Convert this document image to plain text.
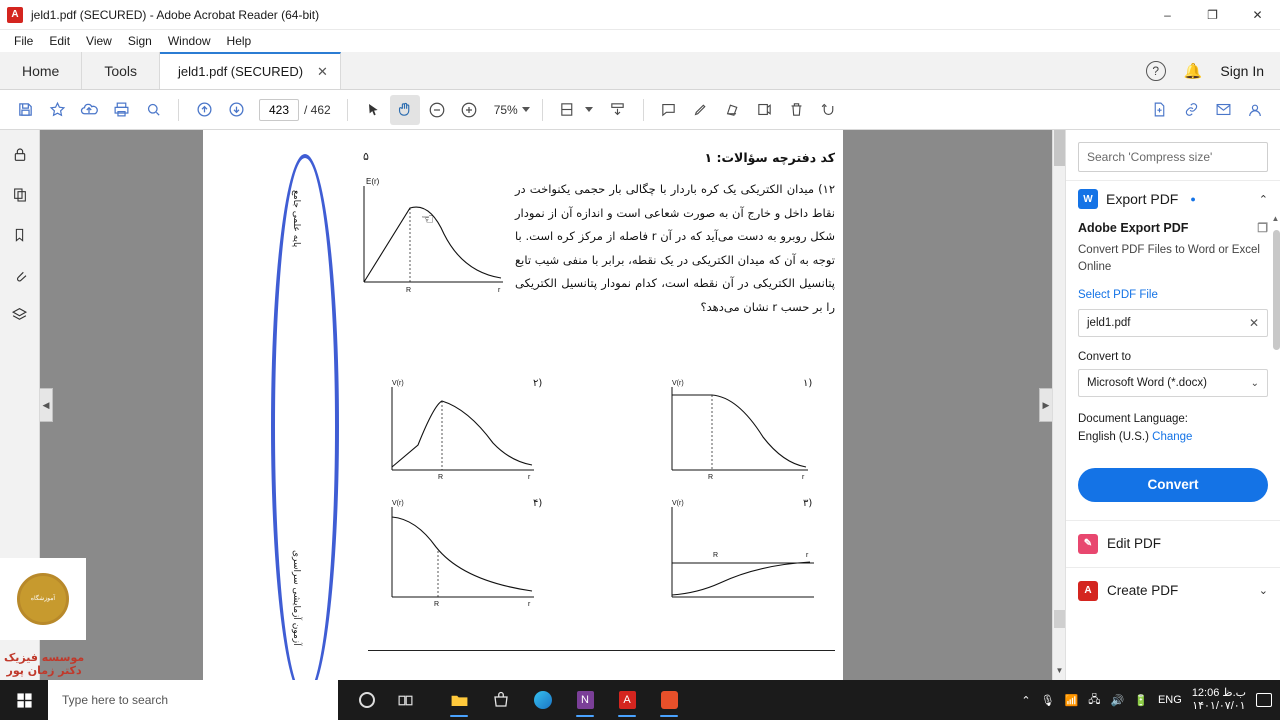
A	jeld1.pdf (SECURED) - Adobe Acrobat Reader (64-bit)	–	❐	✕
File	Edit	View	Sign	Window	Help
Home	Tools	jeld1.pdf (SECURED) ✕	?	🔔 Sign In
423
/ 462	75%
◀	▶
کد دفترچه سؤالات: ۱
۵
۱۲) میدان الکتریکی یک کره باردار با چگالی بار حجمی یکنواخت در نقاط داخل و خارج آن به صورت شعاعی است و اندازه آن از نمودار شکل روبرو به دست می‌آید که در آن r فاصله از مرکز کره است. با توجه به آن که میدان الکتریکی در یک نقطه، برابر با منفی شیب تابع پتانسیل الکتریکی در آن نقطه است، کدام نمودار پتانسیل الکتریکی را بر حسب r نشان می‌دهد؟
E(r)
R	r
☜
V(r)
R	r
(۱
V(r)
R	r
(۲
V(r)
R	r
(۳
V(r)
R	r
(۴
پایه علمی جامع
آزمون آزمایشی سراسری
▼
Search 'Compress size'
W Export PDF ●	⌃
Adobe Export PDF	❐
Convert PDF Files to Word or Excel Online
Select PDF File
jeld1.pdf	✕
Convert to
Microsoft Word (*.docx)	⌄
Document Language:
English (U.S.) Change
Convert
✎	Edit PDF
A	Create PDF	⌄
▲
آموزشگاه
موسسه فیزیک
دکتر زمان پور
Type here to search	N	A	⌃ 🎙 📶 🖧 🔊 🔋 ENG
ب.ظ 12:06
۱۴۰۱/۰۷/۰۱
